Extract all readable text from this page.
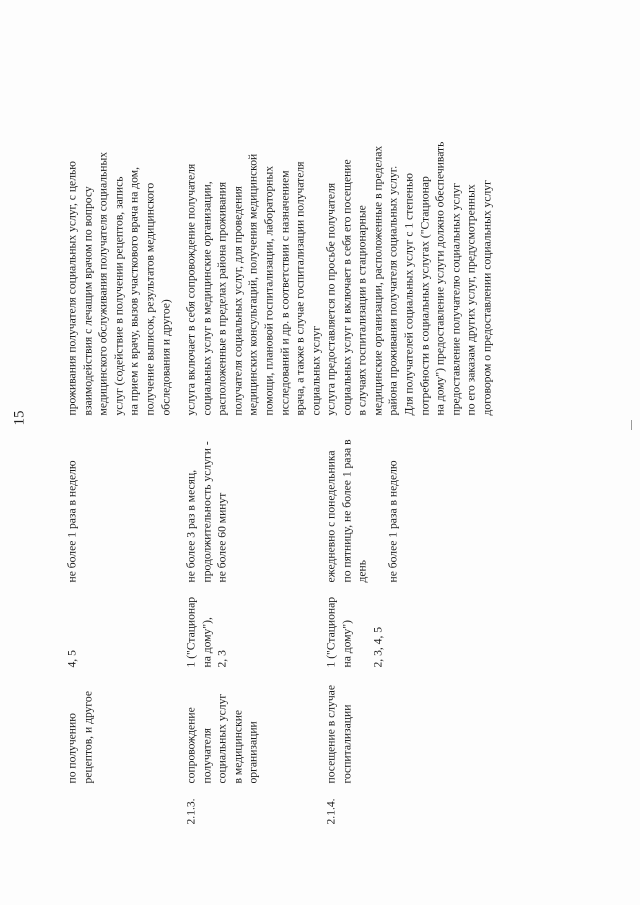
15
по получению
рецептов, и другое
4, 5
не более 1 раза в неделю
проживания получателя социальных услуг, с целью
взаимодействия с лечащим врачом по вопросу
медицинского обслуживания получателя социальных
услуг (содействие в получении рецептов, запись
на прием к врачу, вызов участкового врача на дом,
получение выписок, результатов медицинского
обследования и другое)
2.1.3.
сопровождение
получателя
социальных услуг
в медицинские
организации
1 ("Стационар
на дому"),
2, 3
не более 3 раз в месяц,
продолжительность услуги -
не более 60 минут
услуга включает в себя сопровождение получателя
социальных услуг в медицинские организации,
расположенные в пределах района проживания
получателя социальных услуг, для проведения
медицинских консультаций, получения медицинской
помощи, плановой госпитализации, лабораторных
исследований и др. в соответствии с назначением
врача, а также в случае госпитализации получателя
социальных услуг
2.1.4.
посещение в случае
госпитализации
1 ("Стационар
на дому")

2, 3, 4, 5
ежедневно с понедельника
по пятницу, не более 1 раза в день

не более 1 раза в неделю
услуга предоставляется по просьбе получателя
социальных услуг и включает в себя его посещение
в случаях госпитализации в стационарные
медицинские организации, расположенные в пределах
района проживания получателя социальных услуг.
Для получателей социальных услуг с 1 степенью
потребности в социальных услугах ("Стационар
на дому") предоставление услуги должно обеспечивать
предоставление получателю социальных услуг
по его заказам других услуг, предусмотренных
договором о предоставлении социальных услуг
